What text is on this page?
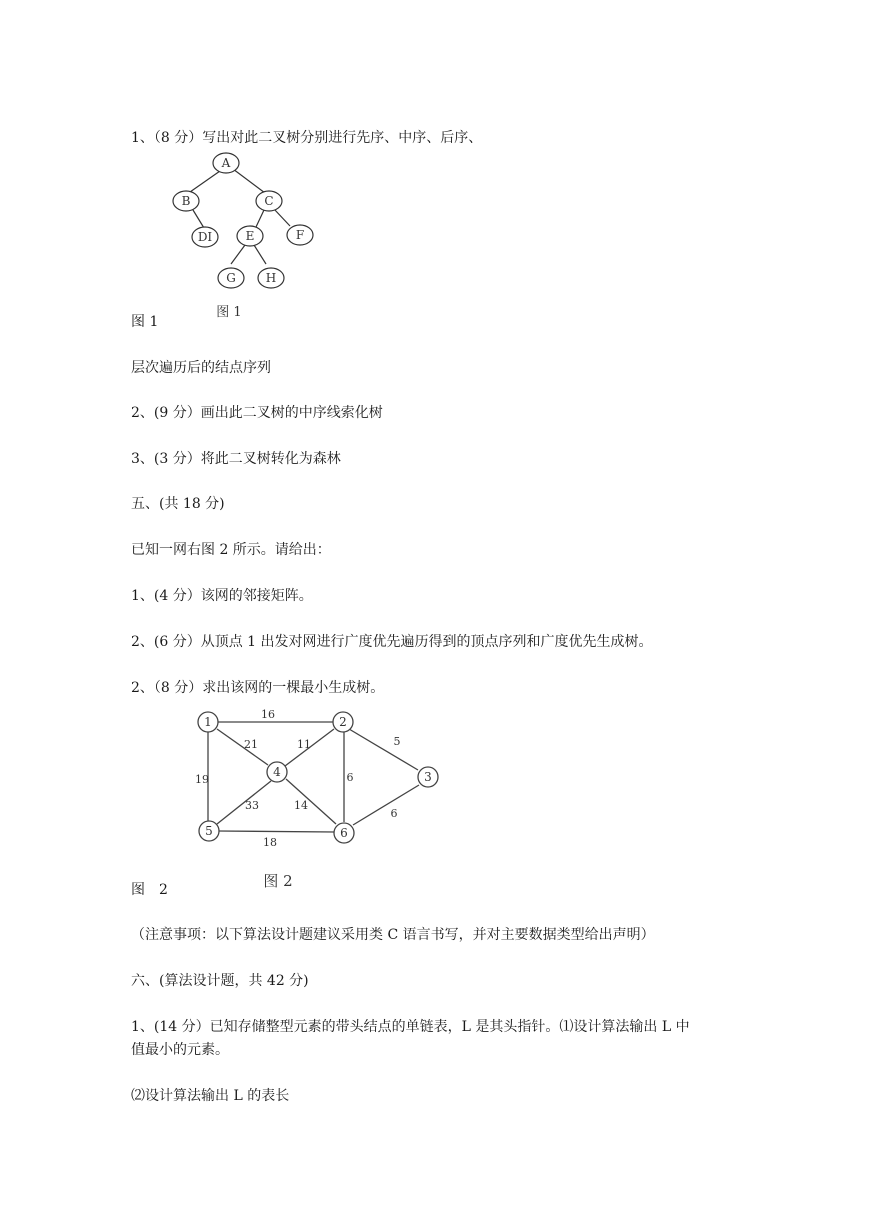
1、（8 分）写出对此二叉树分别进行先序、中序、后序、

A
B	C
DI	E	F
G H
图 1

图 1

层次遍历后的结点序列

2、(9 分）画出此二叉树的中序线索化树

3、(3 分）将此二叉树转化为森林

五、(共 18 分)

已知一网右图 2 所示。请给出：

1、(4 分）该网的邻接矩阵。

2、(6 分）从顶点 1 出发对网进行广度优先遍历得到的顶点序列和广度优先生成树。

2、（8 分）求出该网的一棵最小生成树。

1	2
3
4
5	6
16
21	11	5
19	6
33	14
6
18
图 2

图　2

（注意事项：以下算法设计题建议采用类 C 语言书写，并对主要数据类型给出声明）

六、(算法设计题，共 42 分)

1、(14 分）已知存储整型元素的带头结点的单链表，L 是其头指针。⑴设计算法输出 L 中

值最小的元素。

⑵设计算法输出 L 的表长
